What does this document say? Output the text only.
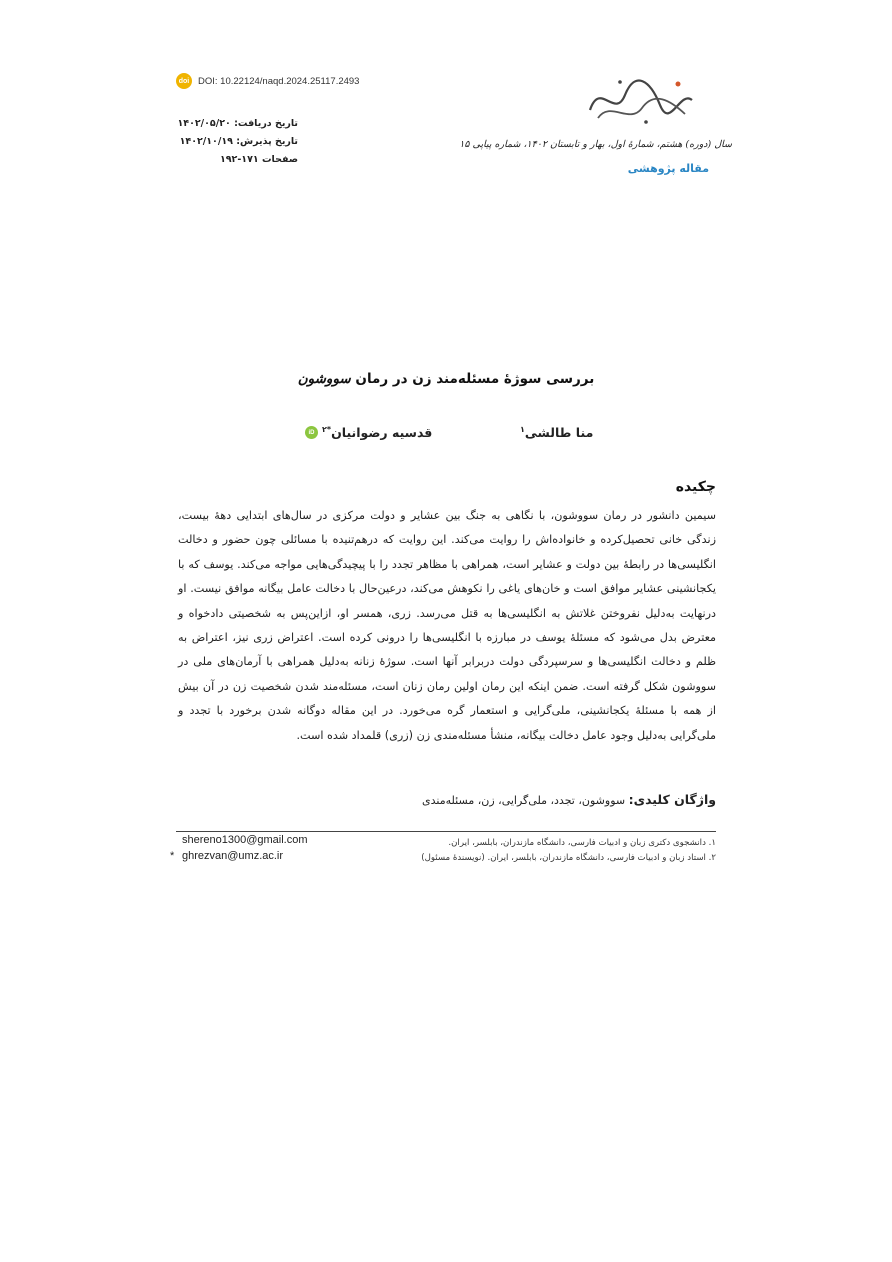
doi DOI: 10.22124/naqd.2024.25117.2493
تاریخ دریافت: ۱۴۰۲/۰۵/۲۰
تاریخ پذیرش: ۱۴۰۲/۱۰/۱۹
صفحات ۱۷۱-۱۹۲
نقد و نظریه ادبی
سال (دوره) هشتم، شمارهٔ اول، بهار و تابستان ۱۴۰۲، شماره پیاپی ۱۵
مقاله پژوهشی
بررسی سوژهٔ مسئله‌مند زن در رمان سووشون
منا طالشی$^۱$
قدسیه رضوانیان$^{*۲}$
iD
چکیده
سیمین دانشور در رمان سووشون، با نگاهی به جنگ بین عشایر و دولت مرکزی در سال‌های ابتدایی دههٔ بیست، زندگی خانی تحصیل‌کرده و خانواده‌اش را روایت می‌کند. این روایت که درهم‌تنیده با مسائلی چون حضور و دخالت انگلیسی‌ها در رابطهٔ بین دولت و عشایر است، همراهی با مظاهر تجدد را با پیچیدگی‌هایی مواجه می‌کند. یوسف که با یکجانشینی عشایر موافق است و خان‌های یاغی را نکوهش می‌کند، درعین‌حال با دخالت عامل بیگانه موافق نیست. او درنهایت به‌دلیل نفروختن غلاتش به انگلیسی‌ها به قتل می‌رسد. زری، همسر او، ازاین‌پس به شخصیتی دادخواه و معترض بدل می‌شود که مسئلهٔ یوسف در مبارزه با انگلیسی‌ها را درونی کرده است. اعتراض زری نیز، اعتراض به ظلم و دخالت انگلیسی‌ها و سرسپردگی دولت دربرابر آنها است. سوژهٔ زنانه به‌دلیل همراهی با آرمان‌های ملی در سووشون شکل گرفته است. ضمن اینکه این رمان اولین رمان زنان است، مسئله‌مند شدن شخصیت زن در آن بیش از همه با مسئلهٔ یکجانشینی، ملی‌گرایی و استعمار گره می‌خورد. در این مقاله دوگانه شدن برخورد با تجدد و ملی‌گرایی به‌دلیل وجود عامل دخالت بیگانه، منشأ مسئله‌مندی زن (زری) قلمداد شده است.
واژگان کلیدی: سووشون، تجدد، ملی‌گرایی، زن، مسئله‌مندی
۱. دانشجوی دکتری زبان و ادبیات فارسی، دانشگاه مازندران، بابلسر، ایران.
۲. استاد زبان و ادبیات فارسی، دانشگاه مازندران، بابلسر، ایران. (نویسندهٔ مسئول)
shereno1300@gmail.com
* ghrezvan@umz.ac.ir
